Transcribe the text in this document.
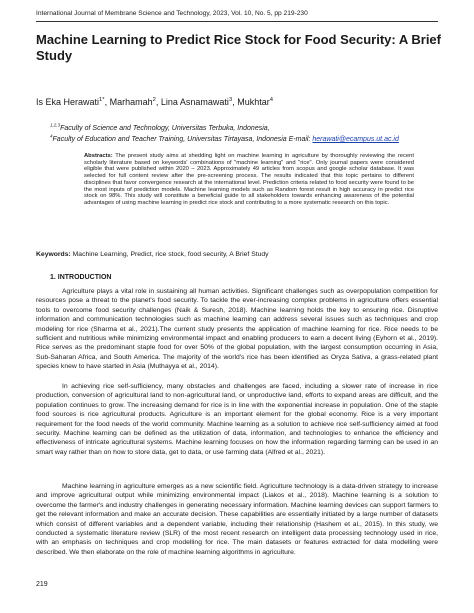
International Journal of Membrane Science and Technology, 2023, Vol. 10, No. 5, pp 219-230
Machine Learning to Predict Rice Stock for Food Security: A Brief Study
Is Eka Herawati$^{1*}$, Marhamah$^2$, Lina Asnamawati$^3$, Mukhtar$^4$
$^{1,2,3}$Faculty of Science and Technology, Universitas Terbuka, Indonesia,
$^4$Faculty of Education and Teacher Training, Universitas Tirtayasa, Indonesia E-mail: herawati@ecampus.ut.ac.id

Abstracts: The present study aims at shedding light on machine learning in agriculture by thoroughly reviewing the recent scholarly literature based on keywords' combinations of "machine learning" and "rice". Only journal papers were considered eligible that were published within 2020 – 2023. Approximately 49 articles from scopus and google scholar database. It was selected for full content review after the pre-screening process. The results indicated that this topic pertains to different disciplines that favor convergence research at the international level. Prediction criteria related to food security were found to be the most inputs of prediction models. Machine learning models such as Random forest result in high accuracy in predict rice stock on 98%. This study will constitute a beneficial guide to all stakeholders towards enhancing awareness of the potential advantages of using machine learning in predict rice stock and contributing to a more systematic research on this topic.

Keywords: Machine Learning, Predict, rice stock, food security, A Brief Study
1. INTRODUCTION

Agriculture plays a vital role in sustaining all human activities. Significant challenges such as overpopulation competition for resources pose a threat to the planet's food security. To tackle the ever-increasing complex problems in agriculture offers essential tools to overcome food security challenges (Naik & Suresh, 2018). Machine learning holds the key to ensuring rice. Disruptive information and communication technologies such as machine learning can address several issues such as techniques and crop modeling for rice (Sharma et al., 2021).The current study presents the application of machine learning for rice. Rice needs to be sufficient and nutritious while minimizing environmental impact and enabling producers to earn a decent living (Eyhorn et al., 2019). Rice serves as the predominant staple food for over 50% of the global population, with the largest consumption occurring in Asia, Sub-Saharan Africa, and South America. The majority of the world's rice has been identified as Oryza Sativa, a grass-related plant species knew to have started in Asia (Muthayya et al., 2014).

In achieving rice self-sufficiency, many obstacles and challenges are faced, including a slower rate of increase in rice production, conversion of agricultural land to non-agricultural land, or unproductive land, efforts to expand areas are difficult, and the population continues to grow. The increasing demand for rice is in line with the exponential increase in population. One of the staple food sources is rice agricultural products. Agriculture is an important element for the global economy. Rice is a very important requirement for the food needs of the world community. Machine learning as a solution to achieve rice self-sufficiency aimed at food security. Machine learning can be defined as the utilization of data, information, and technologies to enhance the efficiency and effectiveness of intricate agricultural systems. Machine learning focuses on how the information regarding farming can be used in an smart way rather than on how to store data, get to data, or use farming data (Alfred et al., 2021).

Machine learning in agriculture emerges as a new scientific field. Agriculture technology is a data-driven strategy to increase and improve agricultural output while minimizing environmental impact (Liakos et al., 2018). Machine learning is a solution to overcome the farmer's and industry challenges in generating necessary information. Machine learning devices can support farmers to get the relevant information and make an accurate decision. These capabilities are essentially initiated by a large number of datasets which consist of different variables and a dependent variable, including their relationship (Hashem et al., 2015). In this study, we conducted a systematic literature review (SLR) of the most recent research on intelligent data processing technology used in rice, with an emphasis on techniques and crop modelling for rice. The main datasets or features extracted for data modelling were described. We then elaborate on the role of machine learning algorithms in agriculture.

219
